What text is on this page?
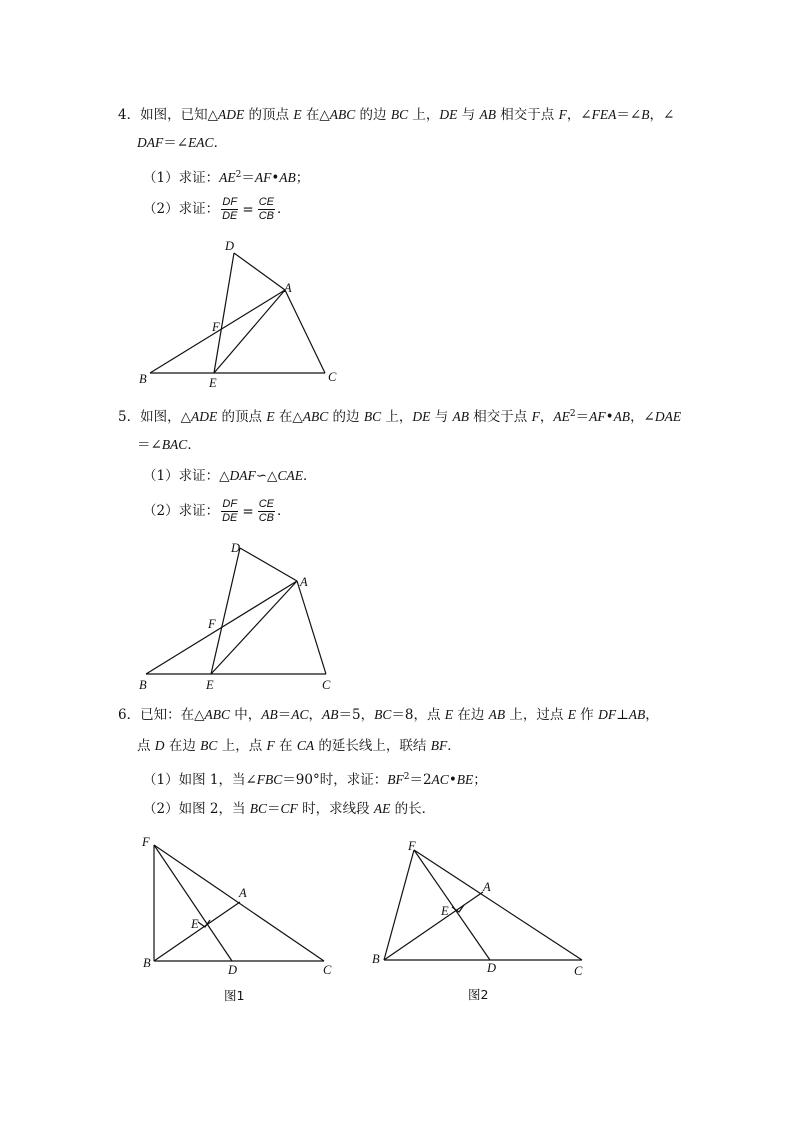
4．如图，已知△ADE 的顶点 E 在△ABC 的边 BC 上，DE 与 AB 相交于点 F，∠FEA＝∠B，∠
DAF＝∠EAC．
（1）求证：$AE^2=AF•AB$；
（2）求证： $\frac{DF}{DE} = \frac{CE}{CB}$ ．
D
A
F
B	E	C
5．如图，△ADE 的顶点 E 在△ABC 的边 BC 上，DE 与 AB 相交于点 F，$AE^2=AF•AB$，∠DAE
＝∠BAC．
（1）求证：△DAF∽△CAE．
（2）求证： $\frac{DF}{DE} = \frac{CE}{CB}$ ．
D
A
F
B	E	C
6．已知：在△ABC 中，AB＝AC，AB＝5，BC＝8，点 E 在边 AB 上，过点 E 作 DF⊥AB，
点 D 在边 BC 上，点 F 在 CA 的延长线上，联结 BF．
（1）如图 1，当∠FBC＝90°时，求证：$BF^2=2AC•BE$；
（2）如图 2，当 BC＝CF 时，求线段 AE 的长．
F
A
E
B	D	C
图1
F
A
E
B
D	C
图2
